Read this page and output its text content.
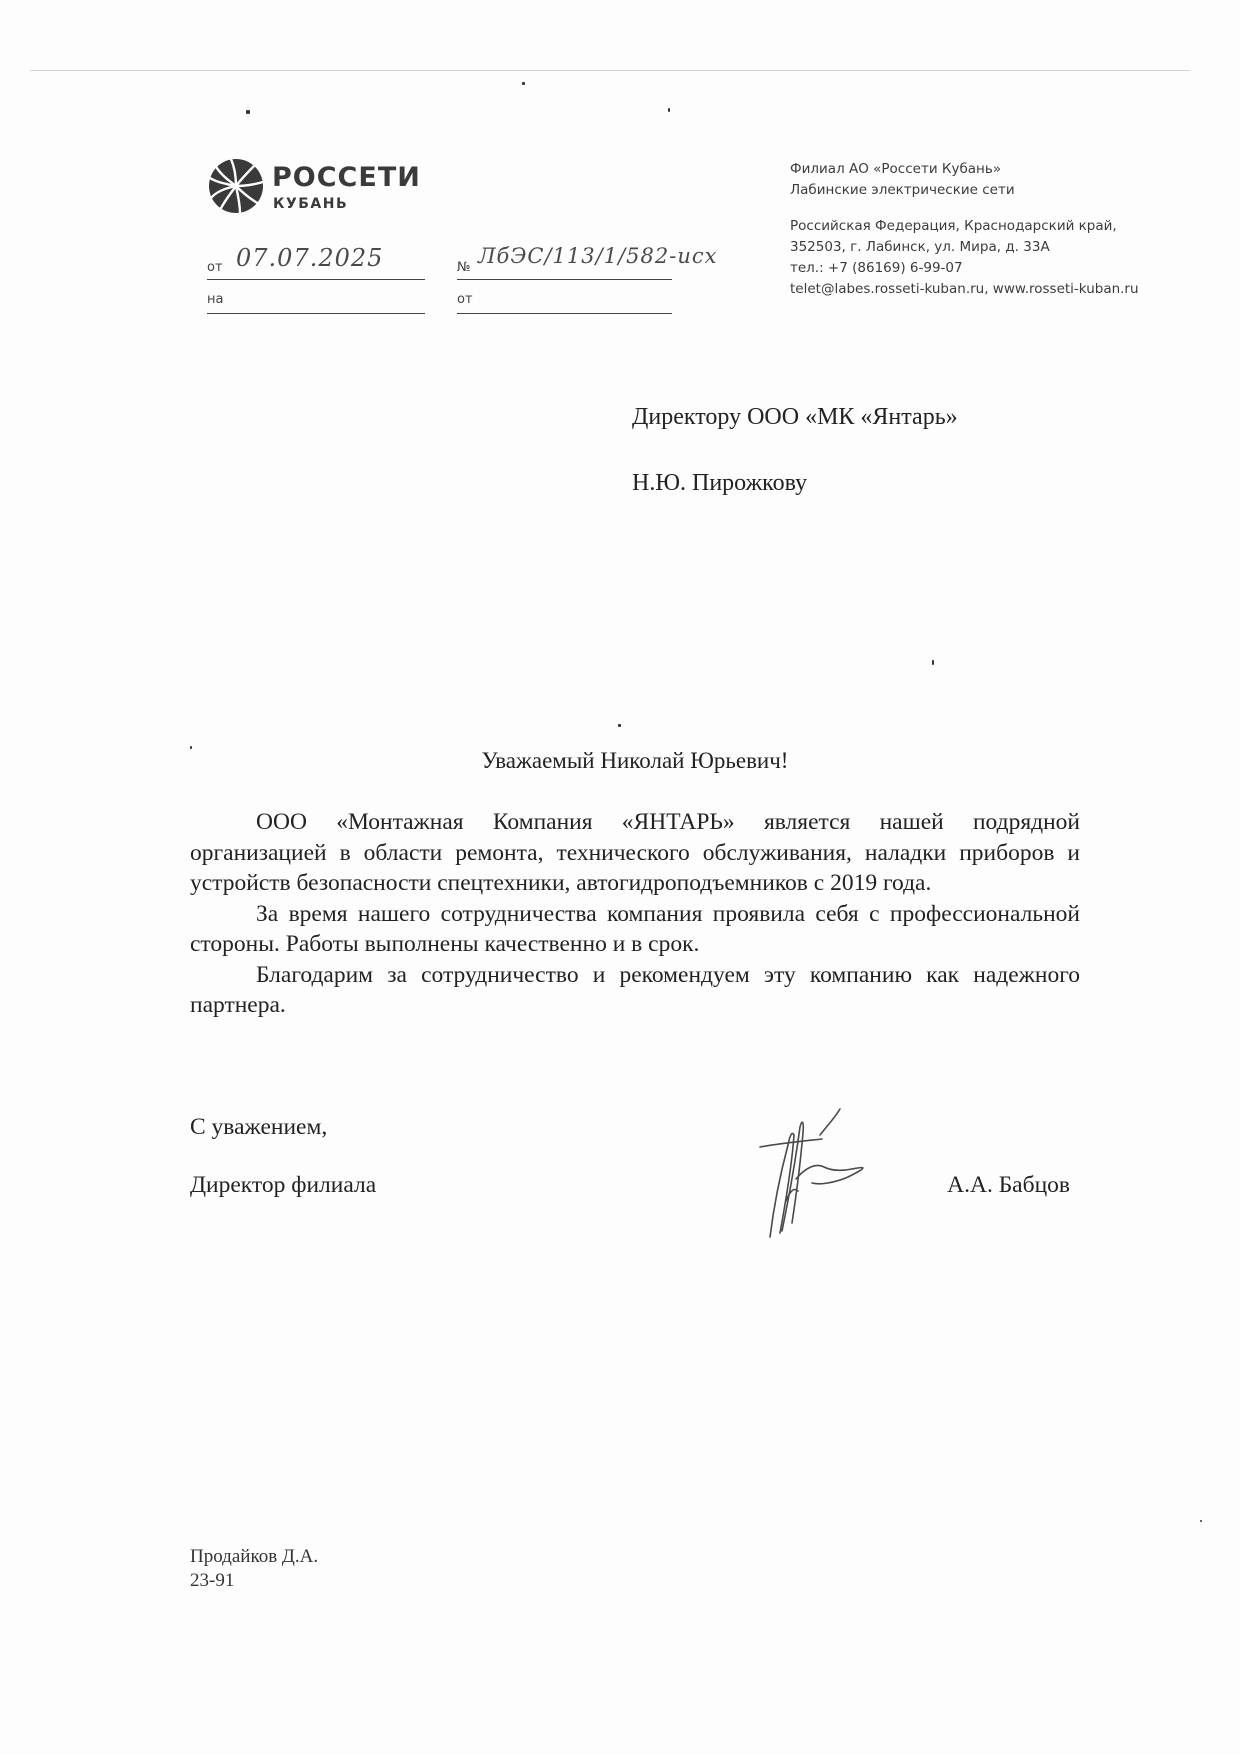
РОССЕТИ
КУБАНЬ
Филиал АО «Россети Кубань»
Лабинские электрические сети
Российская Федерация, Краснодарский край,
352503, г. Лабинск, ул. Мира, д. 33А
тел.: +7 (86169) 6-99-07
telet@labes.rosseti-kuban.ru, www.rosseti-kuban.ru
от 07.07.2025	№ ЛбЭС/113/1/582-исх
на	от
Директору ООО «МК «Янтарь»
Н.Ю. Пирожкову
Уважаемый Николай Юрьевич!

ООО «Монтажная Компания «ЯНТАРЬ» является нашей подрядной организацией в области ремонта, технического обслуживания, наладки приборов и устройств безопасности спецтехники, автогидроподъемников с 2019 года.

За время нашего сотрудничества компания проявила себя с профессиональной стороны. Работы выполнены качественно и в срок.

Благодарим за сотрудничество и рекомендуем эту компанию как надежного партнера.

С уважением,
Директор филиала	А.А. Бабцов
Продайков Д.А.
23-91
